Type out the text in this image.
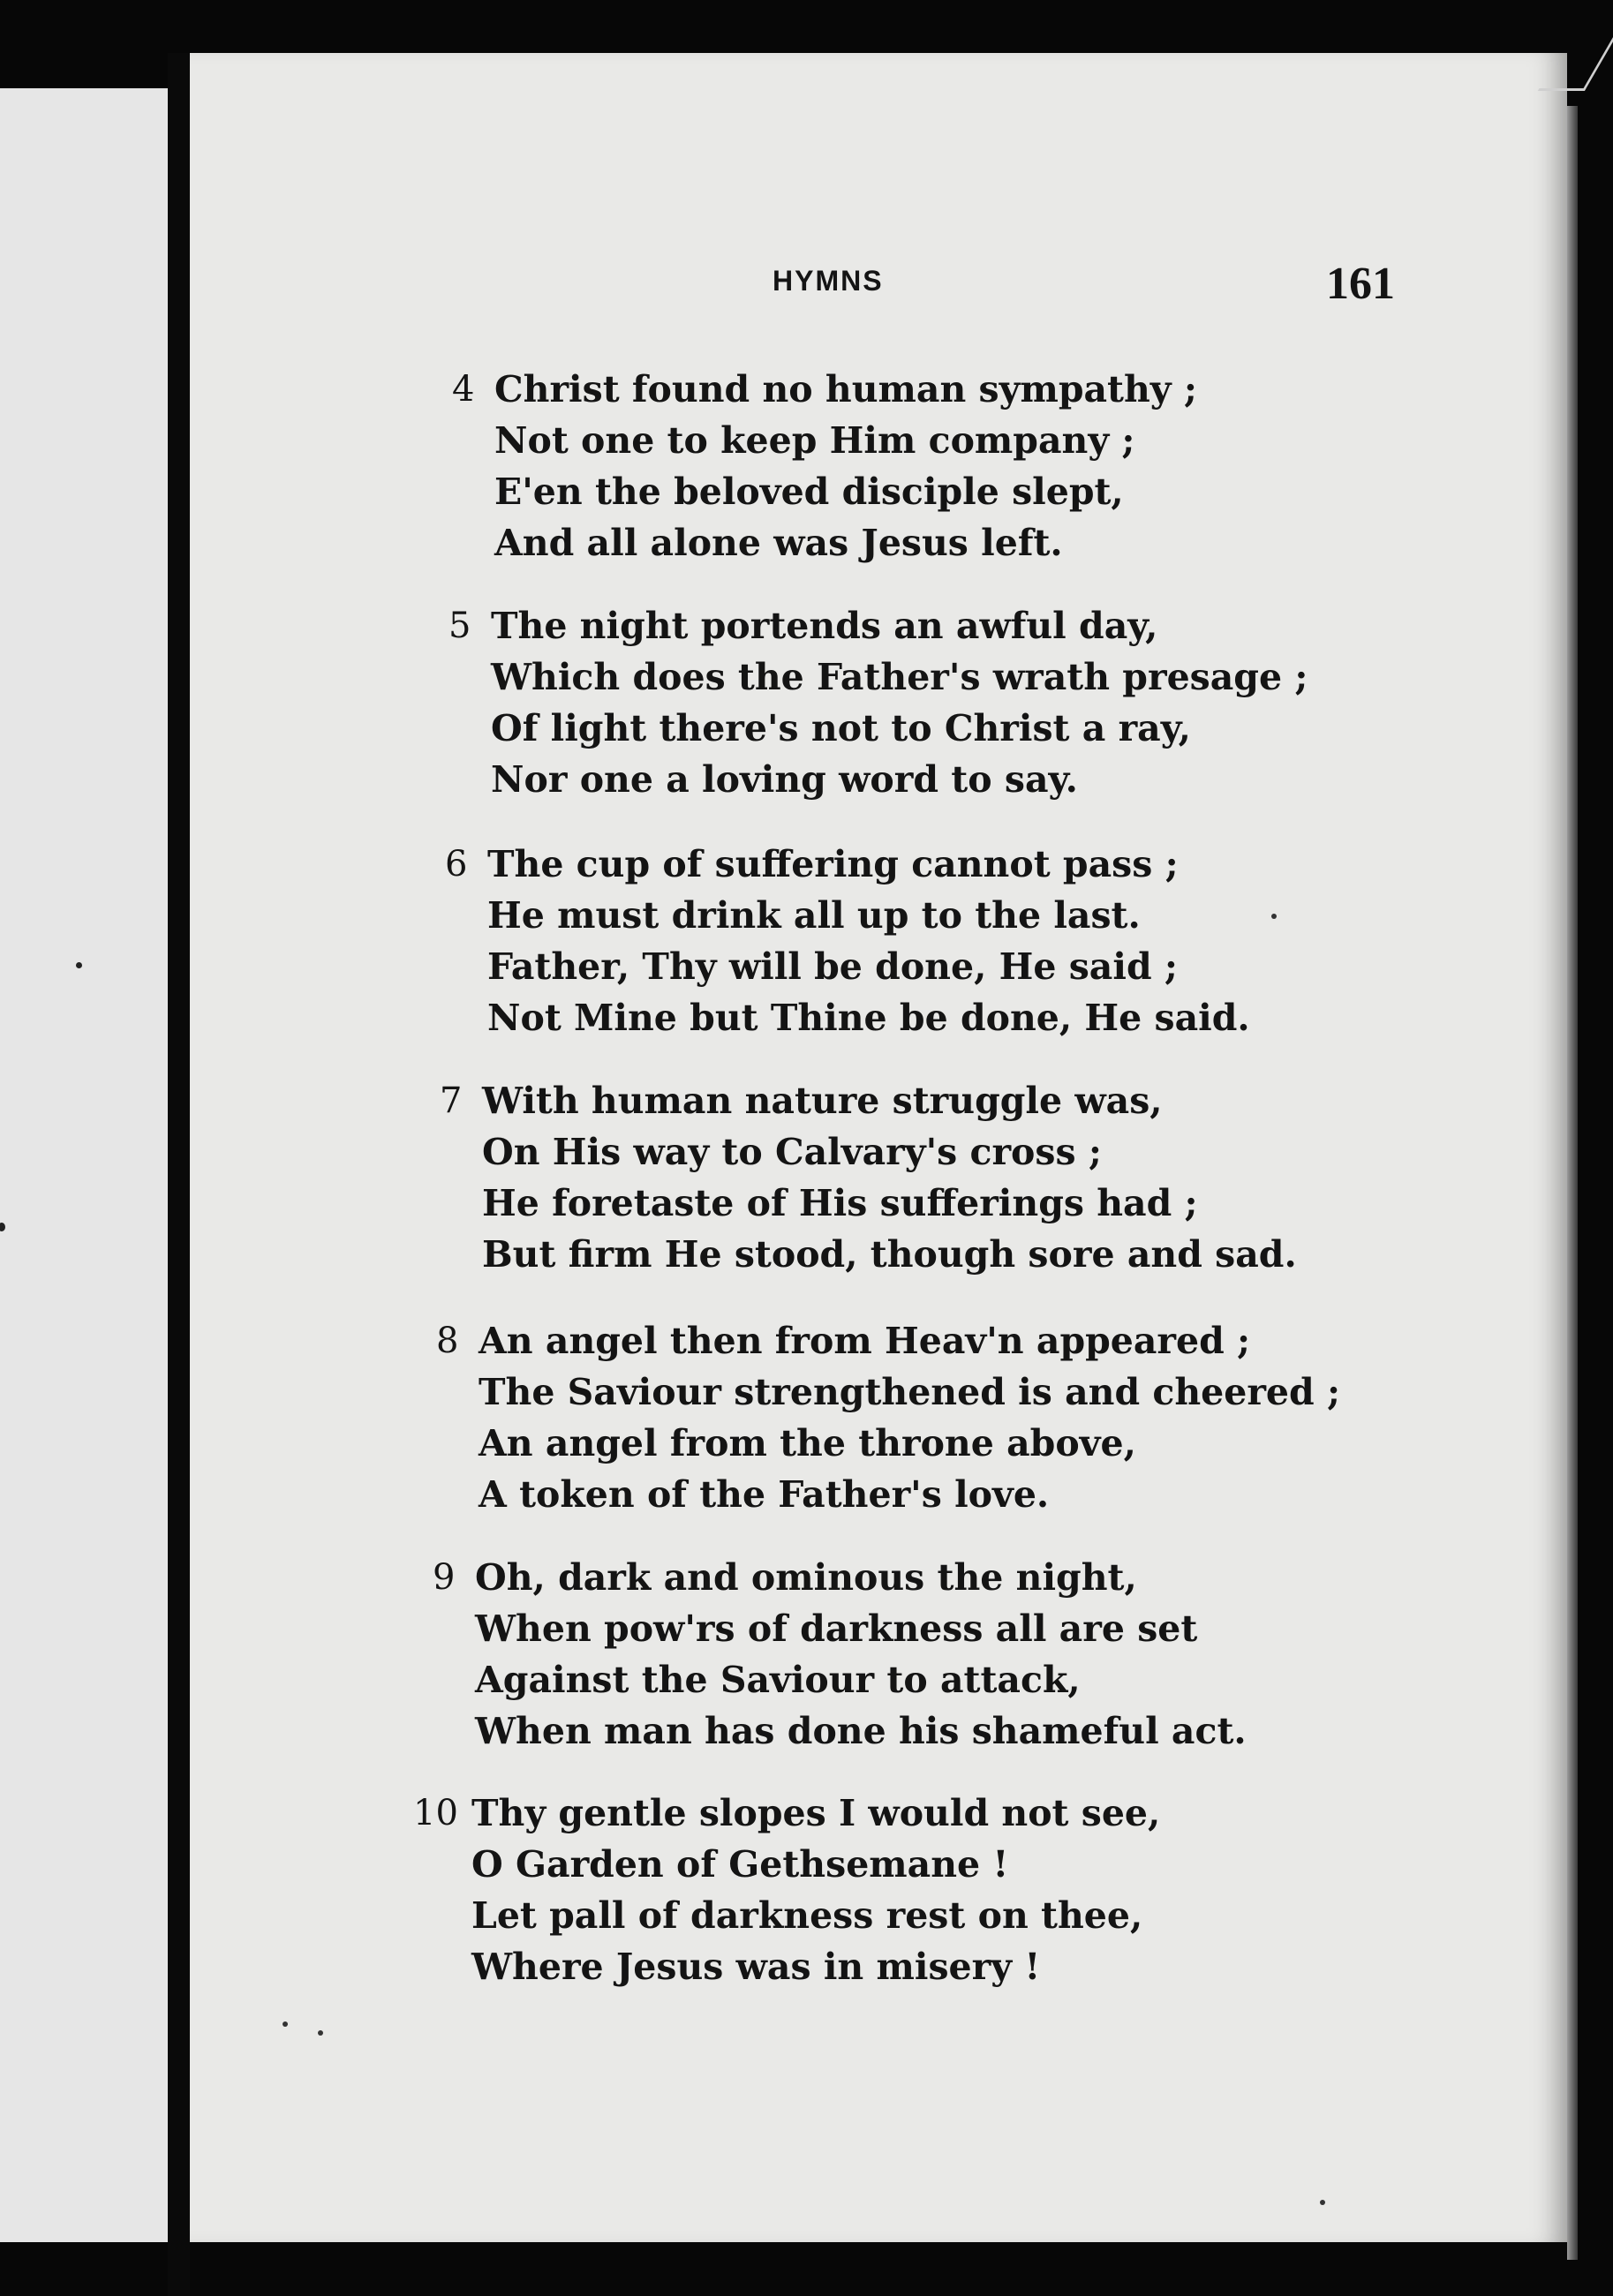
HYMNS	161
4 Christ found no human sympathy ;
Not one to keep Him company ;
E'en the beloved disciple slept,
And all alone was Jesus left.
5 The night portends an awful day,
Which does the Father's wrath presage ;
Of light there's not to Christ a ray,
Nor one a loving word to say.
6 The cup of suffering cannot pass ;
He must drink all up to the last.
Father, Thy will be done, He said ;
Not Mine but Thine be done, He said.
7 With human nature struggle was,
On His way to Calvary's cross ;
He foretaste of His sufferings had ;
But firm He stood, though sore and sad.
8 An angel then from Heav'n appeared ;
The Saviour strengthened is and cheered ;
An angel from the throne above,
A token of the Father's love.
9 Oh, dark and ominous the night,
When pow'rs of darkness all are set
Against the Saviour to attack,
When man has done his shameful act.
10 Thy gentle slopes I would not see,
O Garden of Gethsemane !
Let pall of darkness rest on thee,
Where Jesus was in misery !
